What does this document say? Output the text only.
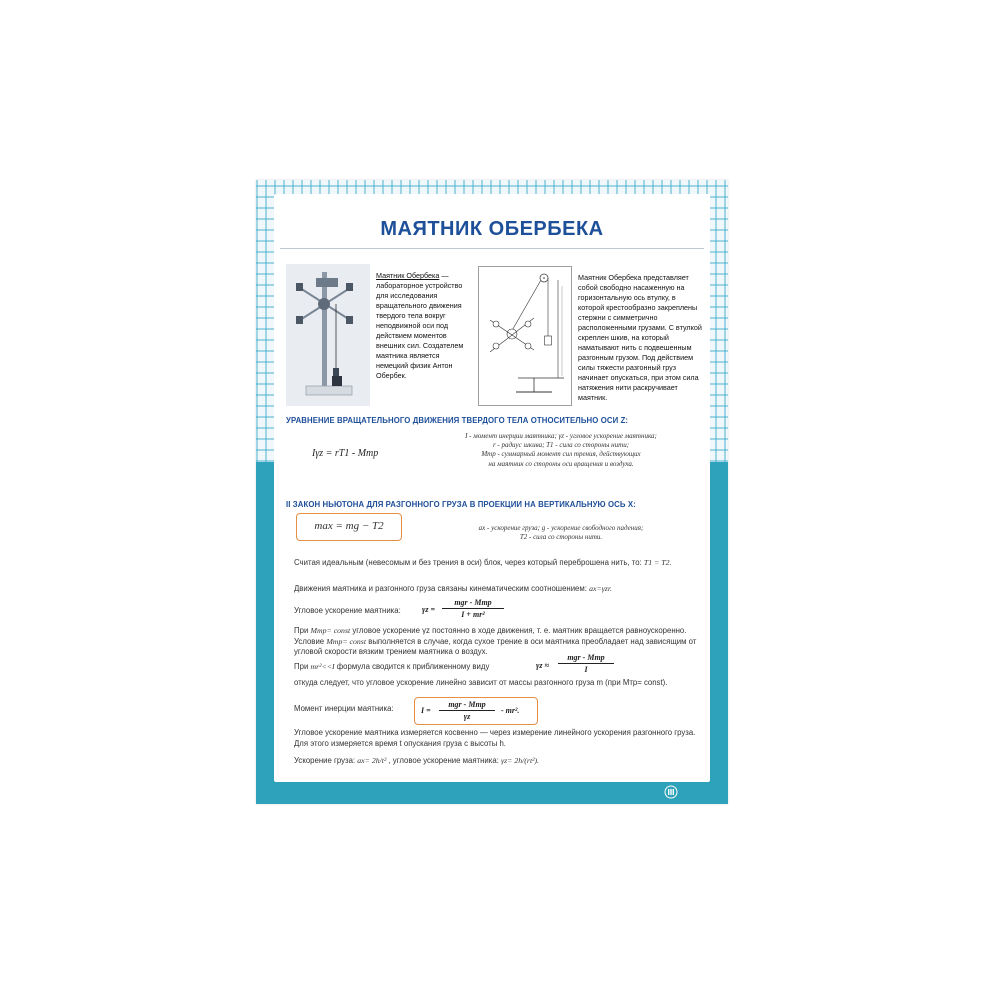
МАЯТНИК ОБЕРБЕКА

Маятник Обербека — лабораторное устройство для исследования вращательного движения твердого тела вокруг неподвижной оси под действием моментов внешних сил. Создателем маятника является немецкий физик Антон Обербек.

Маятник Обербека представляет собой свободно насаженную на горизонтальную ось втулку, в которой крестообразно закреплены стержни с симметрично расположенными грузами. С втулкой скреплен шкив, на который наматывают нить с подвешенным разгонным грузом. Под действием силы тяжести разгонный груз начинает опускаться, при этом сила натяжения нити раскручивает маятник.

УРАВНЕНИЕ ВРАЩАТЕЛЬНОГО ДВИЖЕНИЯ ТВЕРДОГО ТЕЛА ОТНОСИТЕЛЬНО ОСИ Z:
Iγz = rT1 - Mтр
I - момент инерции маятника; γz - угловое ускорение маятника;
r - радиус шкива; T1 - сила со стороны нити;
Mтр - суммарный момент сил трения, действующих
на маятник со стороны оси вращения и воздуха.
II ЗАКОН НЬЮТОНА ДЛЯ РАЗГОННОГО ГРУЗА В ПРОЕКЦИИ НА ВЕРТИКАЛЬНУЮ ОСЬ X:
max = mg − T2	ax - ускорение груза; g - ускорение свободного падения;
T2 - сила со стороны нити.

Считая идеальным (невесомым и без трения в оси) блок, через который переброшена нить, то: T1 = T2.

Движения маятника и разгонного груза связаны кинематическим соотношением: ax=γzr.

Угловое ускорение маятника:	γz =
mgr - Mтр
I + mr²

При Mтр= const угловое ускорение γz постоянно в ходе движения, т. е. маятник вращается равноускоренно. Условие Mтр= const выполняется в случае, когда сухое трение в оси маятника преобладает над зависящим от угловой скорости вязким трением маятника о воздух.

При mr²<<I формула сводится к приближенному виду	γz ≈
mgr - Mтр
I

откуда следует, что угловое ускорение линейно зависит от массы разгонного груза m (при Mтр= const).

Момент инерции маятника:	I =
mgr - Mтр
γz
- mr².

Угловое ускорение маятника измеряется косвенно — через измерение линейного ускорения разгонного груза. Для этого измеряется время t опускания груза с высоты h.

Ускорение груза: ax= 2h/t² , угловое ускорение маятника: γz= 2h/(rt²).
